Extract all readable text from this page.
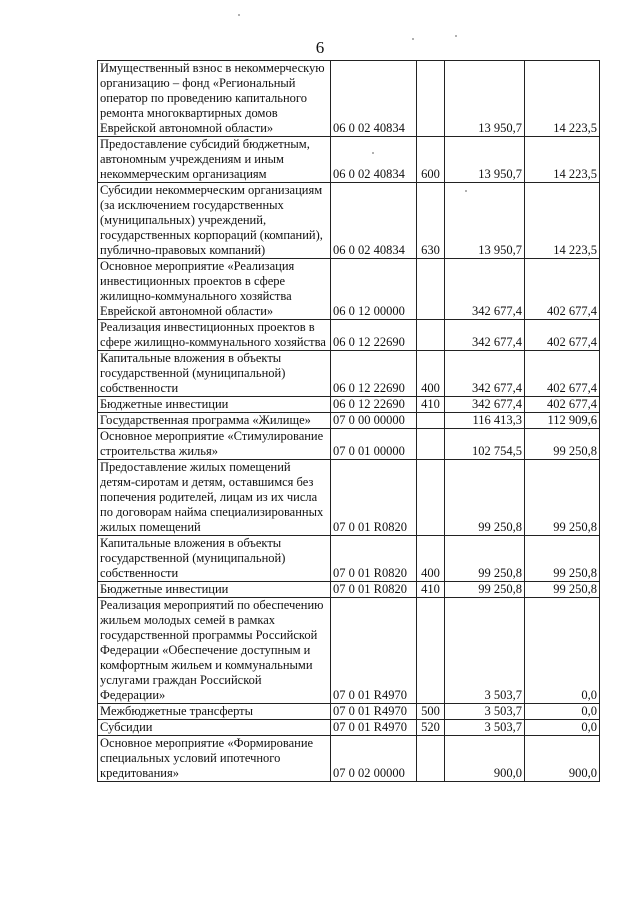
6
Имущественный взнос в некоммерческую организацию – фонд «Региональный оператор по проведению капитального ремонта многоквартирных домов Еврейской автономной области»	06 0 02 40834		13 950,7	14 223,5
Предоставление субсидий бюджетным, автономным учреждениям и иным некоммерческим организациям	06 0 02 40834	600	13 950,7	14 223,5
Субсидии некоммерческим организациям (за исключением государственных (муниципальных) учреждений, государственных корпораций (компаний), публично-правовых компаний)	06 0 02 40834	630	13 950,7	14 223,5
Основное мероприятие «Реализация инвестиционных проектов в сфере жилищно-коммунального хозяйства Еврейской автономной области»	06 0 12 00000		342 677,4	402 677,4
Реализация инвестиционных проектов в сфере жилищно-коммунального хозяйства	06 0 12 22690		342 677,4	402 677,4
Капитальные вложения в объекты государственной (муниципальной) собственности	06 0 12 22690	400	342 677,4	402 677,4
Бюджетные инвестиции	06 0 12 22690	410	342 677,4	402 677,4
Государственная программа «Жилище»	07 0 00 00000		116 413,3	112 909,6
Основное мероприятие «Стимулирование строительства жилья»	07 0 01 00000		102 754,5	99 250,8
Предоставление жилых помещений детям-сиротам и детям, оставшимся без попечения родителей, лицам из их числа по договорам найма специализированных жилых помещений	07 0 01 R0820		99 250,8	99 250,8
Капитальные вложения в объекты государственной (муниципальной) собственности	07 0 01 R0820	400	99 250,8	99 250,8
Бюджетные инвестиции	07 0 01 R0820	410	99 250,8	99 250,8
Реализация мероприятий по обеспечению жильем молодых семей в рамках государственной программы Российской Федерации «Обеспечение доступным и комфортным жильем и коммунальными услугами граждан Российской Федерации»	07 0 01 R4970		3 503,7	0,0
Межбюджетные трансферты	07 0 01 R4970	500	3 503,7	0,0
Субсидии	07 0 01 R4970	520	3 503,7	0,0
Основное мероприятие «Формирование специальных условий ипотечного кредитования»	07 0 02 00000		900,0	900,0
